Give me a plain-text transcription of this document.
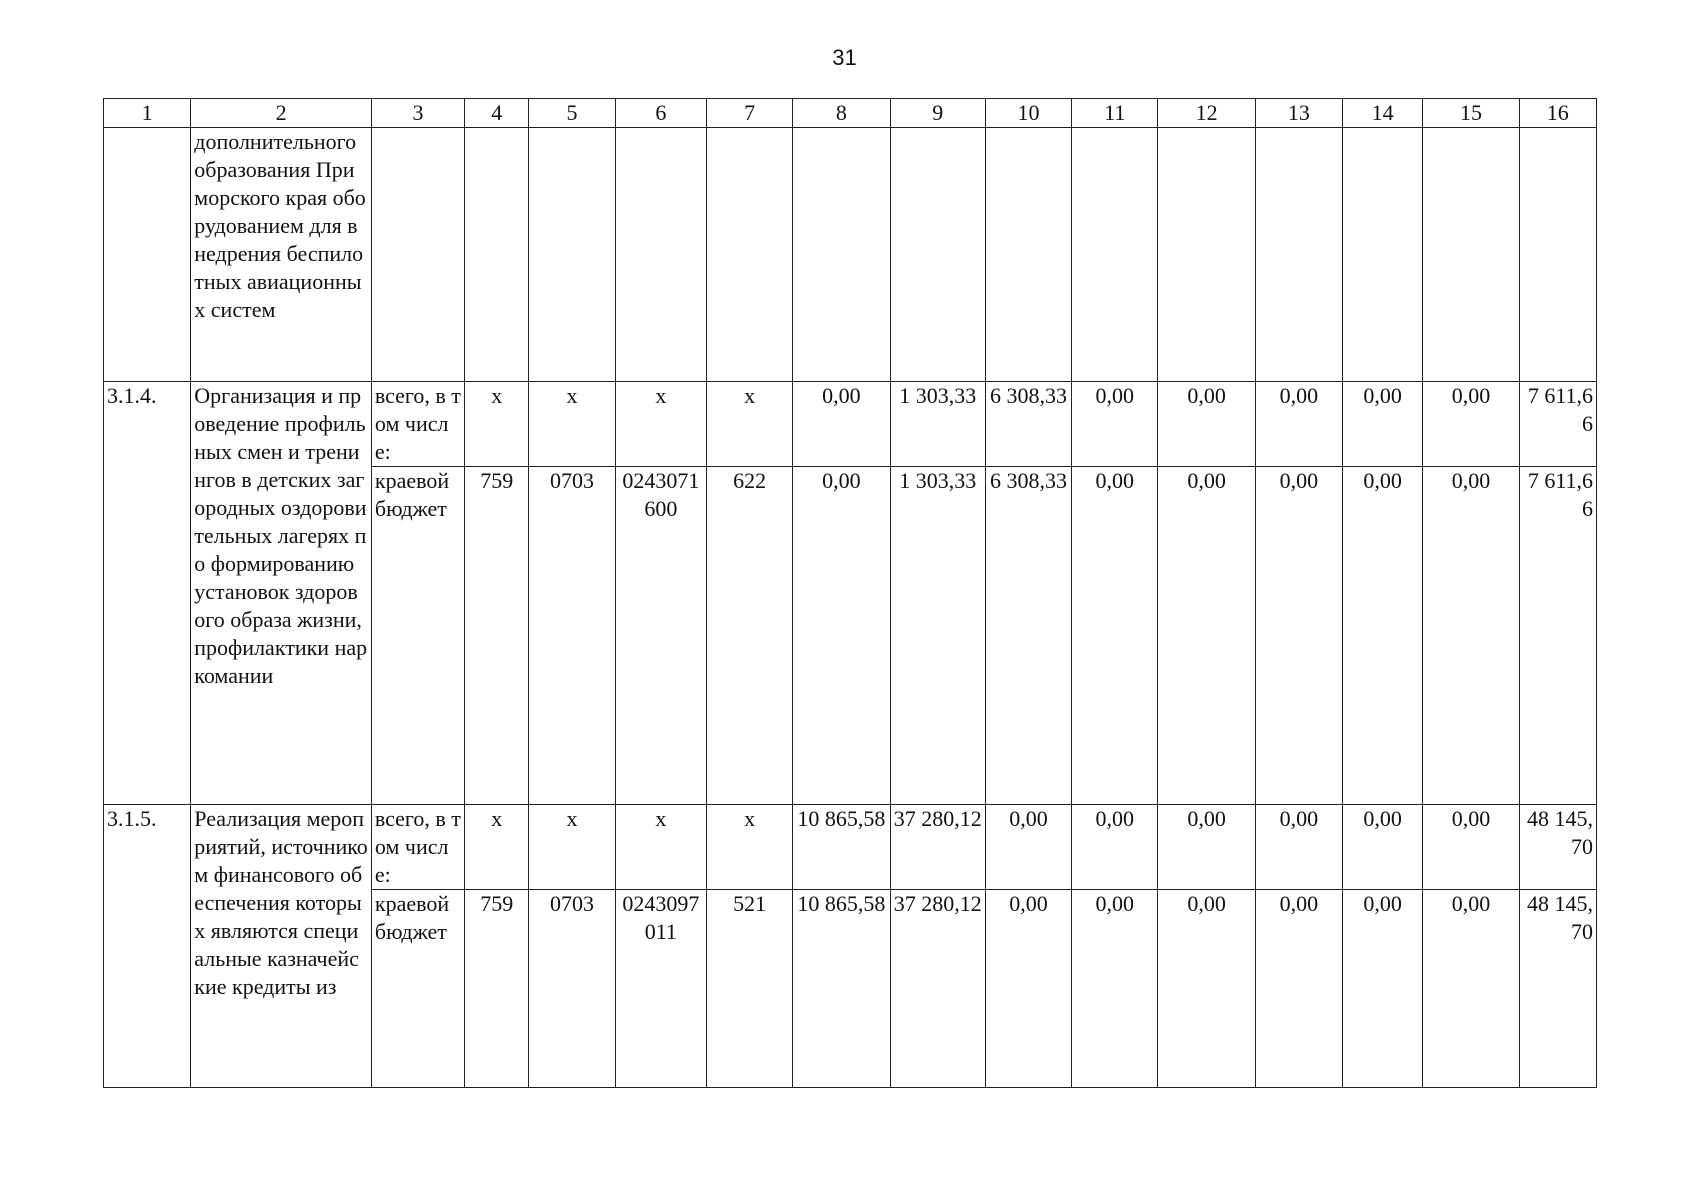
31
1	2	3	4	5	6	7	8	9	10	11	12	13	14	15	16
	дополнительного образования Приморского края оборудованием для внедрения беспилотных авиационных систем														
3.1.4.	Организация и проведение профильных смен и тренингов в детских загородных оздоровительных лагерях по формированию установок здорового образа жизни, профилактики наркомании	всего, в том числе:	x	x	x	x	0,00	1 303,33	6 308,33	0,00	0,00	0,00	0,00	0,00	7 611,66
		краевой бюджет	759	0703	0243071600	622	0,00	1 303,33	6 308,33	0,00	0,00	0,00	0,00	0,00	7 611,66
3.1.5.	Реализация мероприятий, источником финансового обеспечения которых являются специальные казначейские кредиты из	всего, в том числе:	x	x	x	x	10 865,58	37 280,12	0,00	0,00	0,00	0,00	0,00	0,00	48 145,70
		краевой бюджет	759	0703	0243097011	521	10 865,58	37 280,12	0,00	0,00	0,00	0,00	0,00	0,00	48 145,70
